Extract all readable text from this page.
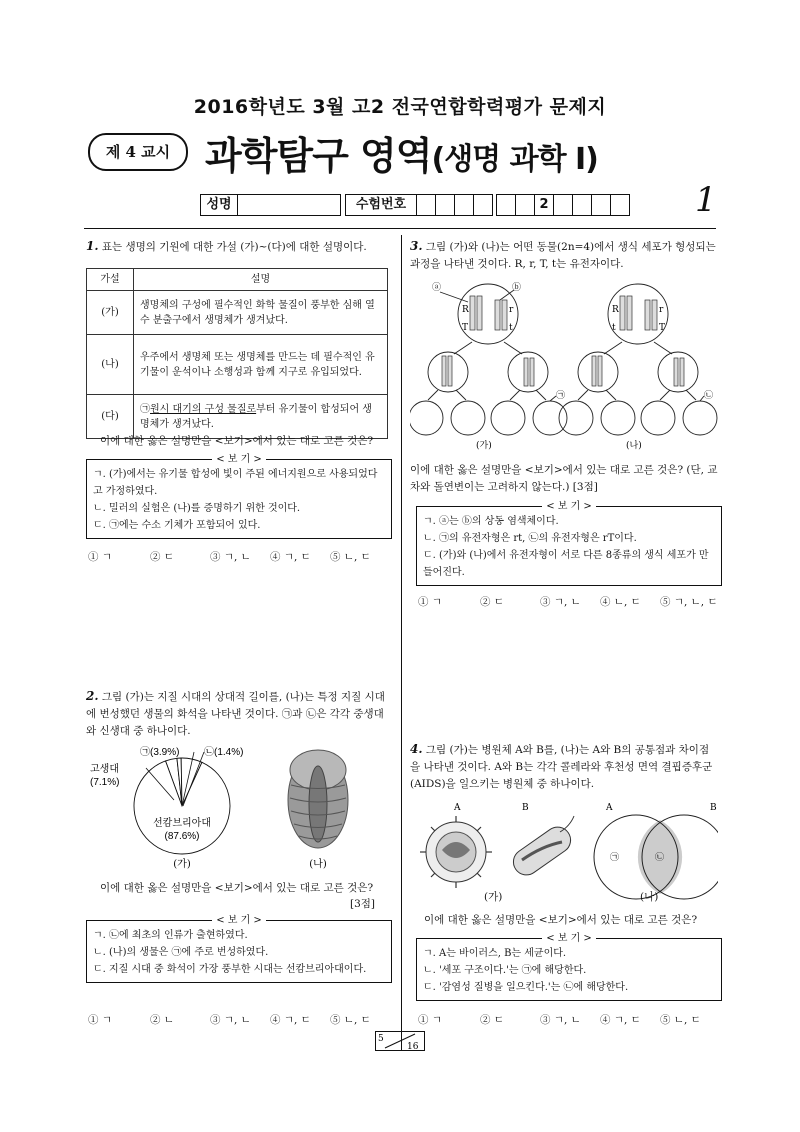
2016학년도 3월 고2 전국연합학력평가 문제지
제 4 교시 과학탐구 영역(생명 과학 Ⅰ)
성명	수험번호	2	1
1. 표는 생명의 기원에 대한 가설 (가)~(다)에 대한 설명이다.
가설	설명
(가)	생명체의 구성에 필수적인 화학 물질이 풍부한 심해 열수 분출구에서 생명체가 생겨났다.
(나)	우주에서 생명체 또는 생명체를 만드는 데 필수적인 유기물이 운석이나 소행성과 함께 지구로 유입되었다.
(다)	㉠원시 대기의 구성 물질로부터 유기물이 합성되어 생명체가 생겨났다.
이에 대한 옳은 설명만을 <보기>에서 있는 대로 고른 것은?
< 보 기 >
ㄱ. (가)에서는 유기물 합성에 빛이 주된 에너지원으로 사용되었다고 가정하였다.
ㄴ. 밀러의 실험은 (나)를 증명하기 위한 것이다.
ㄷ. ㉠에는 수소 기체가 포함되어 있다.
① ㄱ	② ㄷ	③ ㄱ, ㄴ	④ ㄱ, ㄷ	⑤ ㄴ, ㄷ
2. 그림 (가)는 지질 시대의 상대적 길이를, (나)는 특정 지질 시대에 번성했던 생물의 화석을 나타낸 것이다. ㉠과 ㉡은 각각 중생대와 신생대 중 하나이다.
㉠(3.9%) ㉡(1.4%)
고생대
(7.1%)
선캄브리아대
(87.6%)
(가)	(나)
이에 대한 옳은 설명만을 <보기>에서 있는 대로 고른 것은?
[3점]
< 보 기 >
ㄱ. ㉡에 최초의 인류가 출현하였다.
ㄴ. (나)의 생물은 ㉠에 주로 번성하였다.
ㄷ. 지질 시대 중 화석이 가장 풍부한 시대는 선캄브리아대이다.
① ㄱ	② ㄴ	③ ㄱ, ㄴ	④ ㄱ, ㄷ	⑤ ㄴ, ㄷ
3. 그림 (가)와 (나)는 어떤 동물(2n=4)에서 생식 세포가 형성되는 과정을 나타낸 것이다. R, r, T, t는 유전자이다.
ⓐ	ⓑ
R	r
T	t
R	r
t	T
㉠	㉡
(가)	(나)
이에 대한 옳은 설명만을 <보기>에서 있는 대로 고른 것은? (단, 교차와 돌연변이는 고려하지 않는다.) [3점]
< 보 기 >
ㄱ. ⓐ는 ⓑ의 상동 염색체이다.
ㄴ. ㉠의 유전자형은 rt, ㉡의 유전자형은 rT이다.
ㄷ. (가)와 (나)에서 유전자형이 서로 다른 8종류의 생식 세포가 만들어진다.
① ㄱ	② ㄷ	③ ㄱ, ㄴ	④ ㄴ, ㄷ	⑤ ㄱ, ㄴ, ㄷ
4. 그림 (가)는 병원체 A와 B를, (나)는 A와 B의 공통점과 차이점을 나타낸 것이다. A와 B는 각각 콜레라와 후천성 면역 결핍증후군(AIDS)을 일으키는 병원체 중 하나이다.
A	B	A	B
㉠	㉡
(가)	(나)
이에 대한 옳은 설명만을 <보기>에서 있는 대로 고른 것은?
< 보 기 >
ㄱ. A는 바이러스, B는 세균이다.
ㄴ. '세포 구조이다.'는 ㉠에 해당한다.
ㄷ. '감염성 질병을 일으킨다.'는 ㉡에 해당한다.
① ㄱ	② ㄷ	③ ㄱ, ㄴ	④ ㄱ, ㄷ	⑤ ㄴ, ㄷ
5
16
